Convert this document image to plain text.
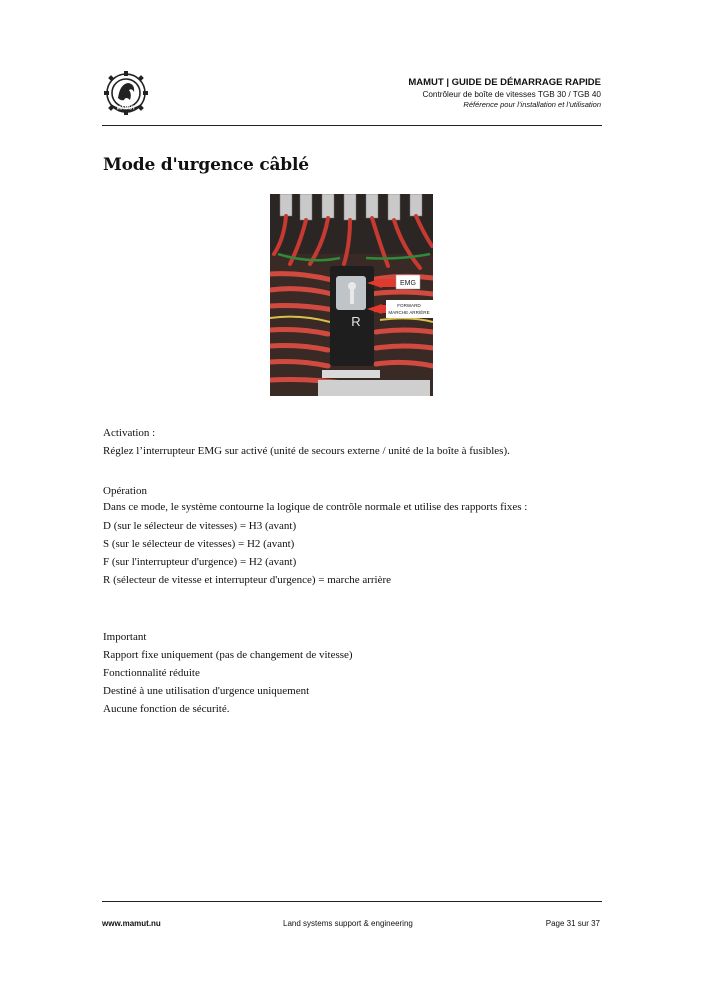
MAMUT
MAMUT | GUIDE DE DÉMARRAGE RAPIDE
Contrôleur de boîte de vitesses TGB 30 / TGB 40
Référence pour l’installation et l’utilisation
Mode d'urgence câblé
R
EMG
FORWARD
MARCHE ARRIÈRE
Activation :
Réglez l’interrupteur EMG sur activé (unité de secours externe / unité de la boîte à fusibles).
Opération
Dans ce mode, le système contourne la logique de contrôle normale et utilise des rapports fixes :
D (sur le sélecteur de vitesses) = H3 (avant)
S (sur le sélecteur de vitesses) = H2 (avant)
F (sur l'interrupteur d'urgence) = H2 (avant)
R (sélecteur de vitesse et interrupteur d'urgence) = marche arrière
Important
Rapport fixe uniquement (pas de changement de vitesse)
Fonctionnalité réduite
Destiné à une utilisation d'urgence uniquement
Aucune fonction de sécurité.
www.mamut.nu	Land systems support & engineering	Page 31 sur 37
